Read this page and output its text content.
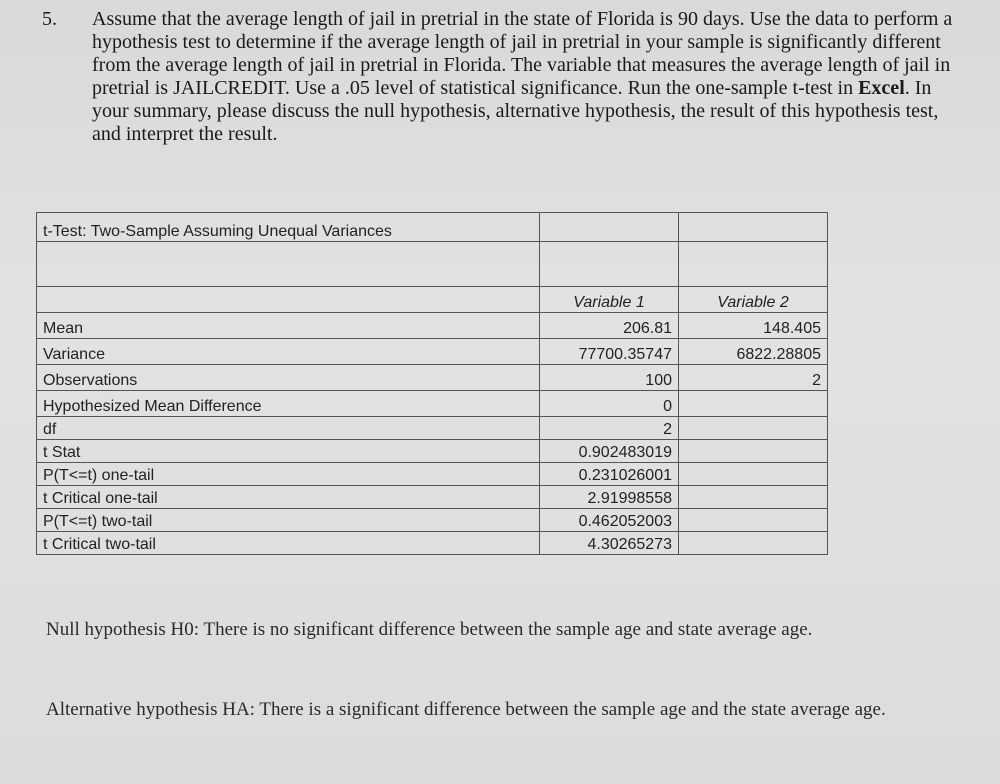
5. Assume that the average length of jail in pretrial in the state of Florida is 90 days. Use the data to perform a hypothesis test to determine if the average length of jail in pretrial in your sample is significantly different from the average length of jail in pretrial in Florida. The variable that measures the average length of jail in pretrial is JAILCREDIT. Use a .05 level of statistical significance. Run the one-sample t-test in Excel. In your summary, please discuss the null hypothesis, alternative hypothesis, the result of this hypothesis test, and interpret the result.
t-Test: Two-Sample Assuming Unequal Variances			

	Variable 1	Variable 2	
Mean	206.81	148.405	
Variance	77700.35747	6822.28805	
Observations	100	2	
Hypothesized Mean Difference	0		
df	2		
t Stat	0.902483019		
P(T<=t) one-tail	0.231026001		
t Critical one-tail	2.91998558		
P(T<=t) two-tail	0.462052003		
t Critical two-tail	4.30265273		
Null hypothesis H0: There is no significant difference between the sample age and state average age.
Alternative hypothesis HA: There is a significant difference between the sample age and the state average age.
